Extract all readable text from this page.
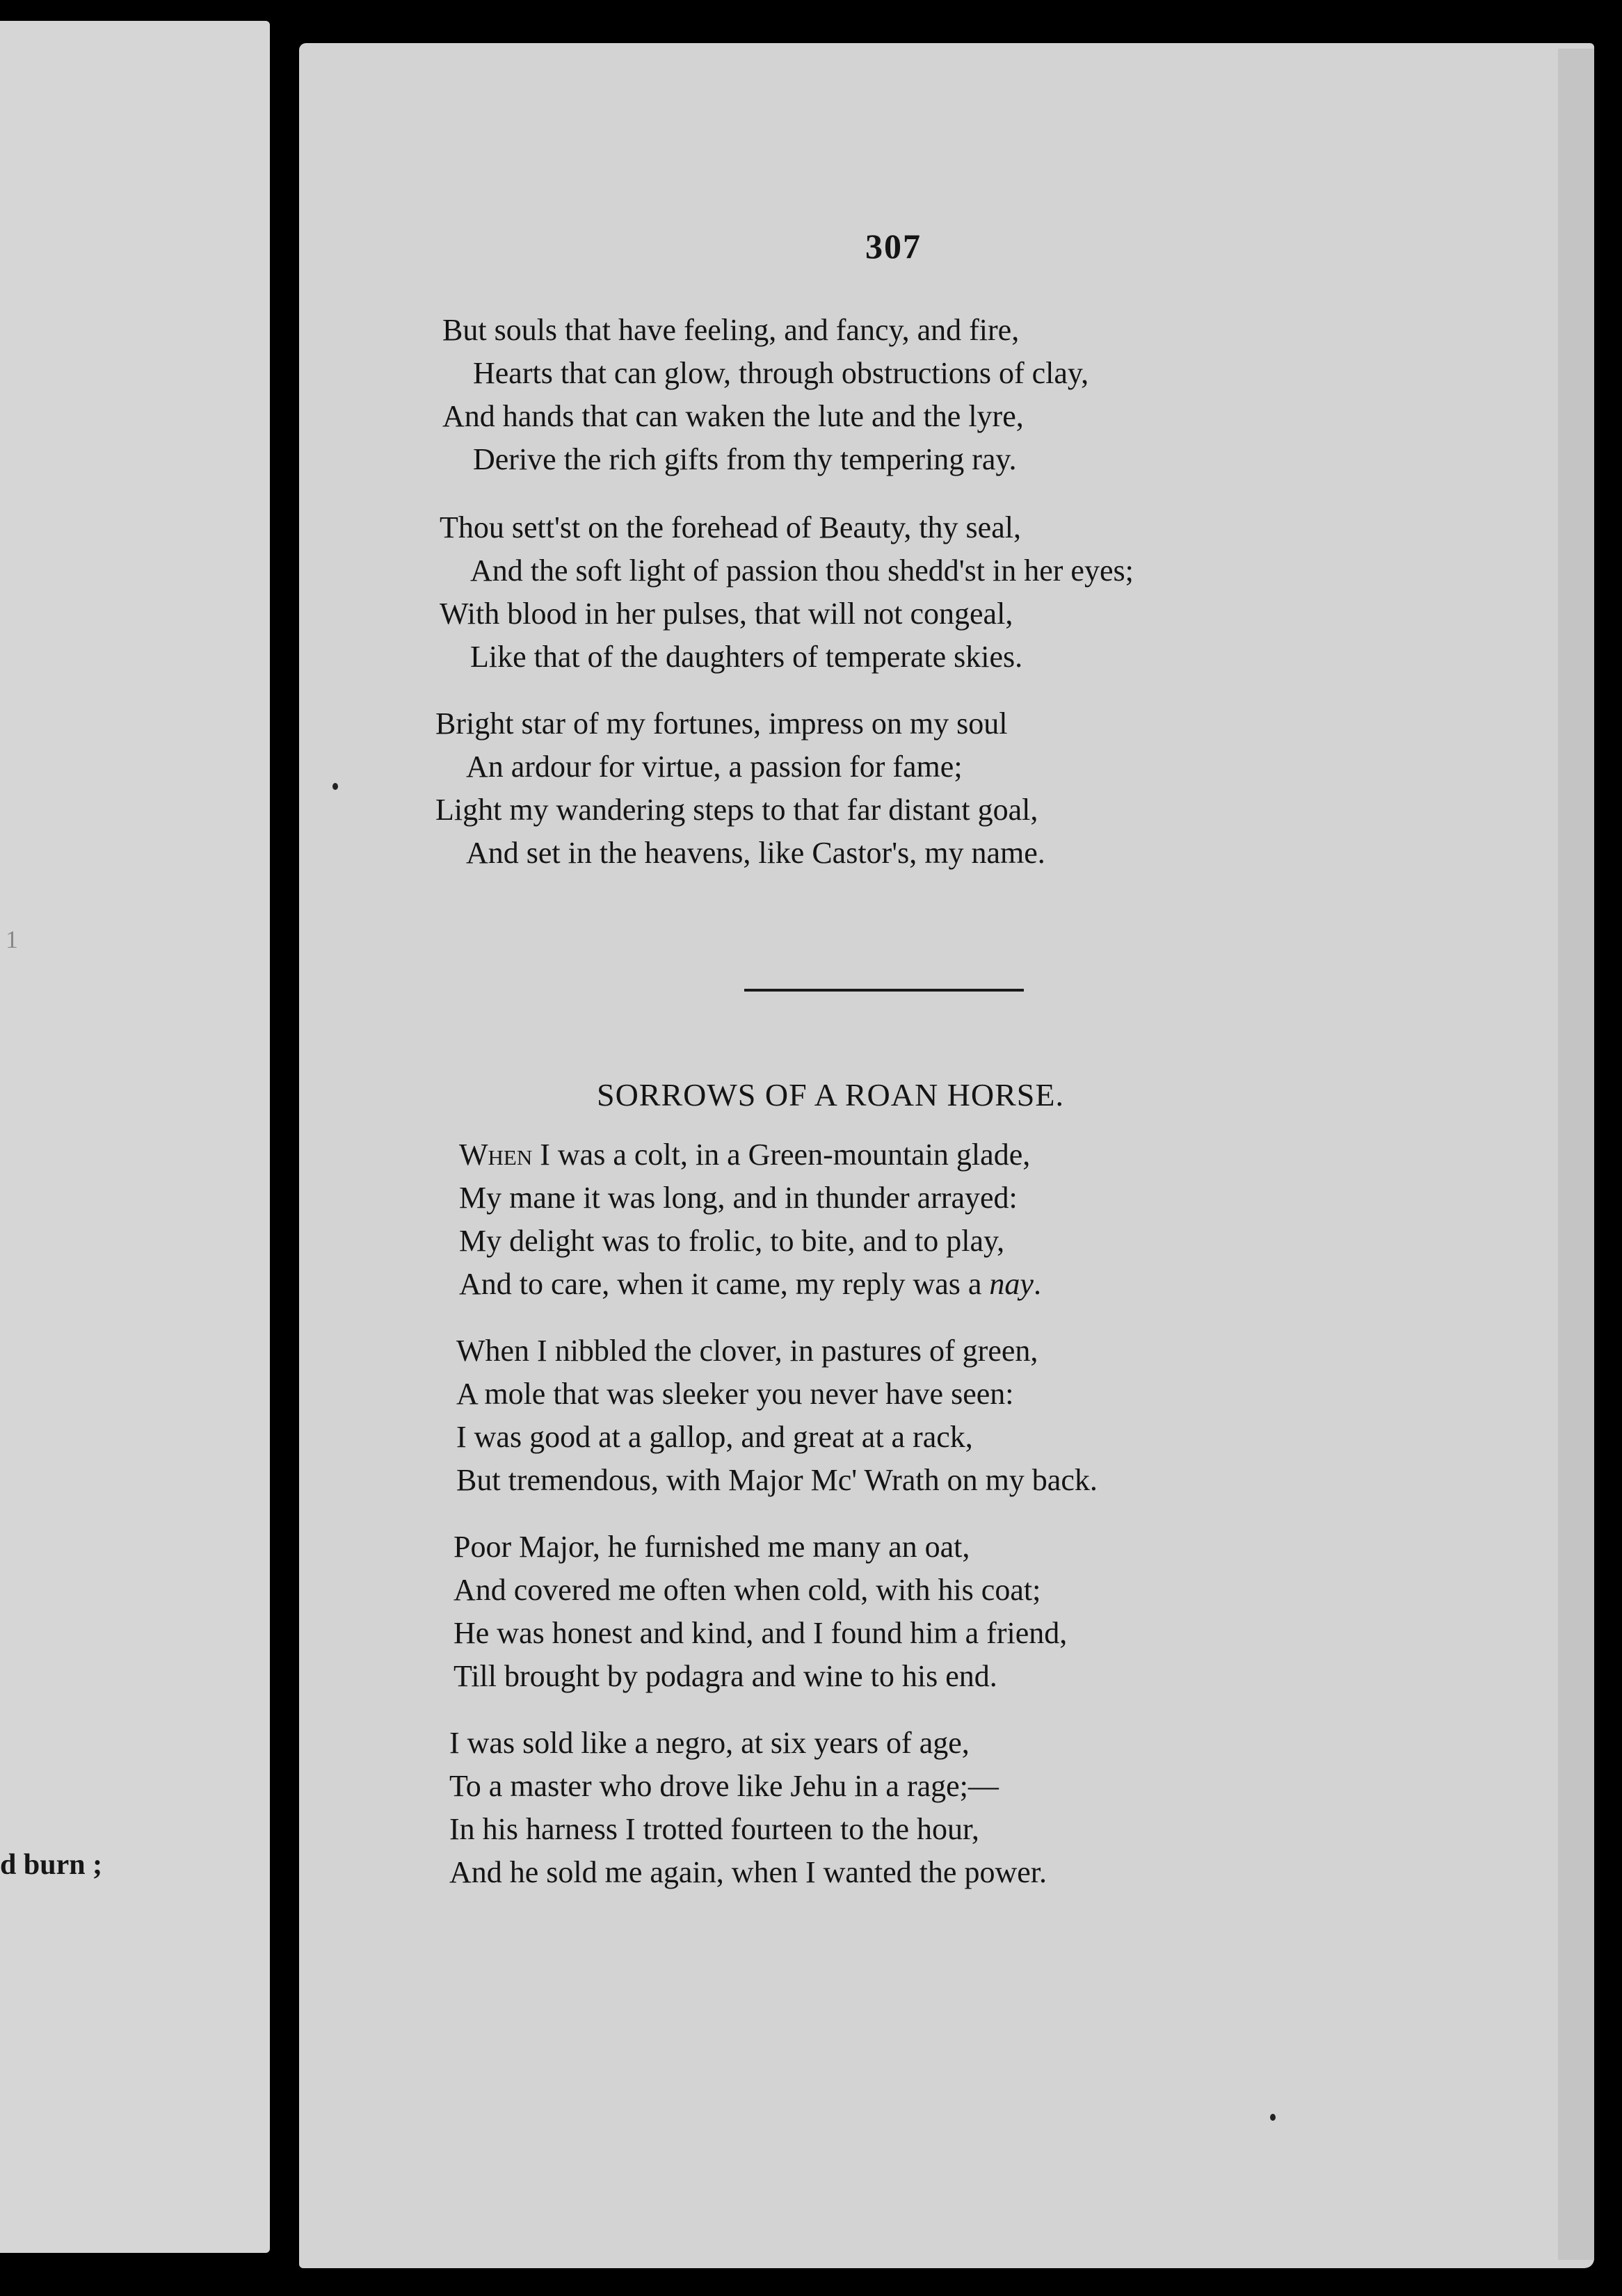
1
d burn ;
307

But souls that have feeling, and fancy, and fire,
Hearts that can glow, through obstructions of clay,
And hands that can waken the lute and the lyre,
Derive the rich gifts from thy tempering ray.

Thou sett'st on the forehead of Beauty, thy seal,
And the soft light of passion thou shedd'st in her eyes;
With blood in her pulses, that will not congeal,
Like that of the daughters of temperate skies.

Bright star of my fortunes, impress on my soul
An ardour for virtue, a passion for fame;
Light my wandering steps to that far distant goal,
And set in the heavens, like Castor's, my name.

SORROWS OF A ROAN HORSE.

When I was a colt, in a Green-mountain glade,
My mane it was long, and in thunder arrayed:
My delight was to frolic, to bite, and to play,
And to care, when it came, my reply was a nay.

When I nibbled the clover, in pastures of green,
A mole that was sleeker you never have seen:
I was good at a gallop, and great at a rack,
But tremendous, with Major Mc' Wrath on my back.

Poor Major, he furnished me many an oat,
And covered me often when cold, with his coat;
He was honest and kind, and I found him a friend,
Till brought by podagra and wine to his end.

I was sold like a negro, at six years of age,
To a master who drove like Jehu in a rage;—
In his harness I trotted fourteen to the hour,
And he sold me again, when I wanted the power.
